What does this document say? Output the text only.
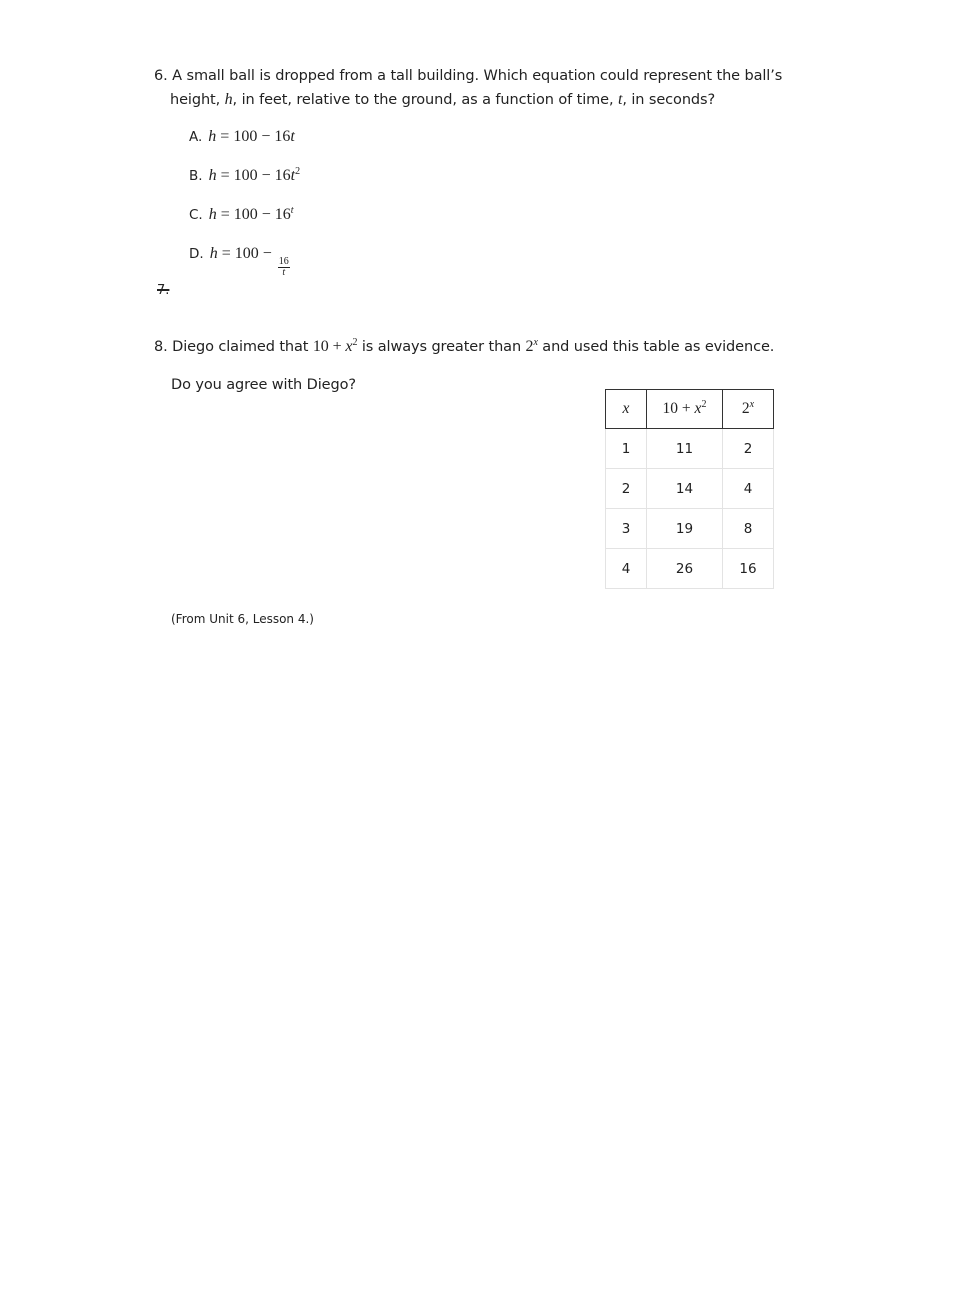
6. A small ball is dropped from a tall building. Which equation could represent the ball’s
height, h, in feet, relative to the ground, as a function of time, t, in seconds?
A. h = 100 − 16t
B. $h = 100 - 16t^2$
C. $h = 100 - 16^t$
D. h = 100 −
$\frac{16}{t}$
7.
8. Diego claimed that $10 + x^2$ is always greater than 2$^x$ and used this table as evidence.
Do you agree with Diego?
x	$10 + x^2$	2$^x$
1	11	2
2	14	4
3	19	8
4	26	16
(From Unit 6, Lesson 4.)
